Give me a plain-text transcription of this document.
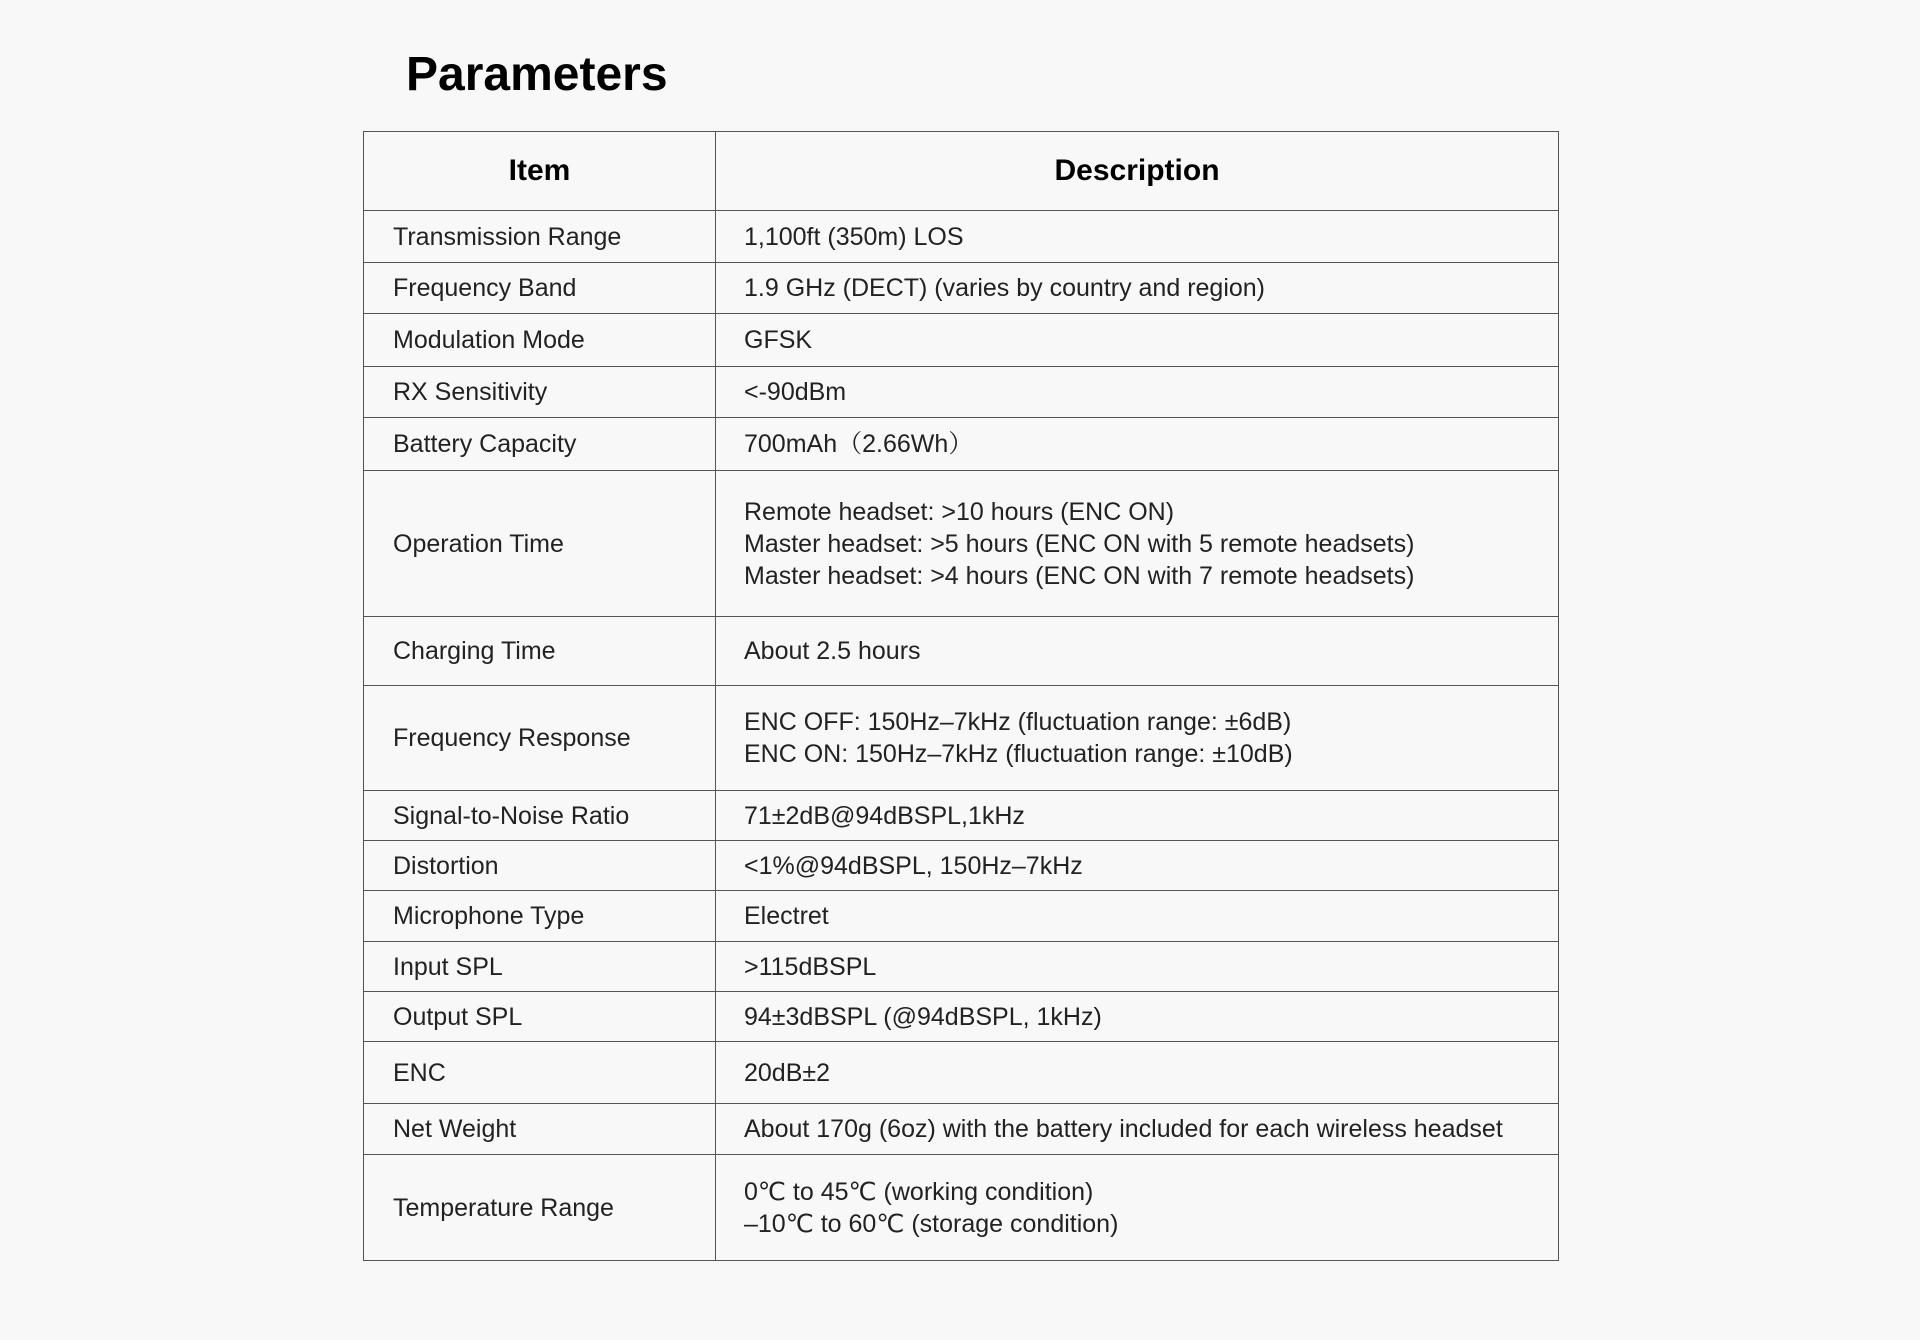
Parameters
Item	Description
Transmission Range	1,100ft (350m) LOS

Frequency Band	1.9 GHz (DECT) (varies by country and region)

Modulation Mode	GFSK

RX Sensitivity	<-90dBm

Battery Capacity	700mAh（2.66Wh）

Operation Time	Remote headset: >10 hours (ENC ON)
Master headset: >5 hours (ENC ON with 5 remote headsets)
Master headset: >4 hours (ENC ON with 7 remote headsets)

Charging Time	About 2.5 hours

Frequency Response	ENC OFF: 150Hz–7kHz (fluctuation range: ±6dB)
ENC ON: 150Hz–7kHz (fluctuation range: ±10dB)

Signal-to-Noise Ratio	71±2dB@94dBSPL,1kHz

Distortion	<1%@94dBSPL, 150Hz–7kHz

Microphone Type	Electret

Input SPL	>115dBSPL

Output SPL	94±3dBSPL (@94dBSPL, 1kHz)

ENC	20dB±2

Net Weight	About 170g (6oz) with the battery included for each wireless headset

Temperature Range	0℃ to 45℃ (working condition)
–10℃ to 60℃ (storage condition)
